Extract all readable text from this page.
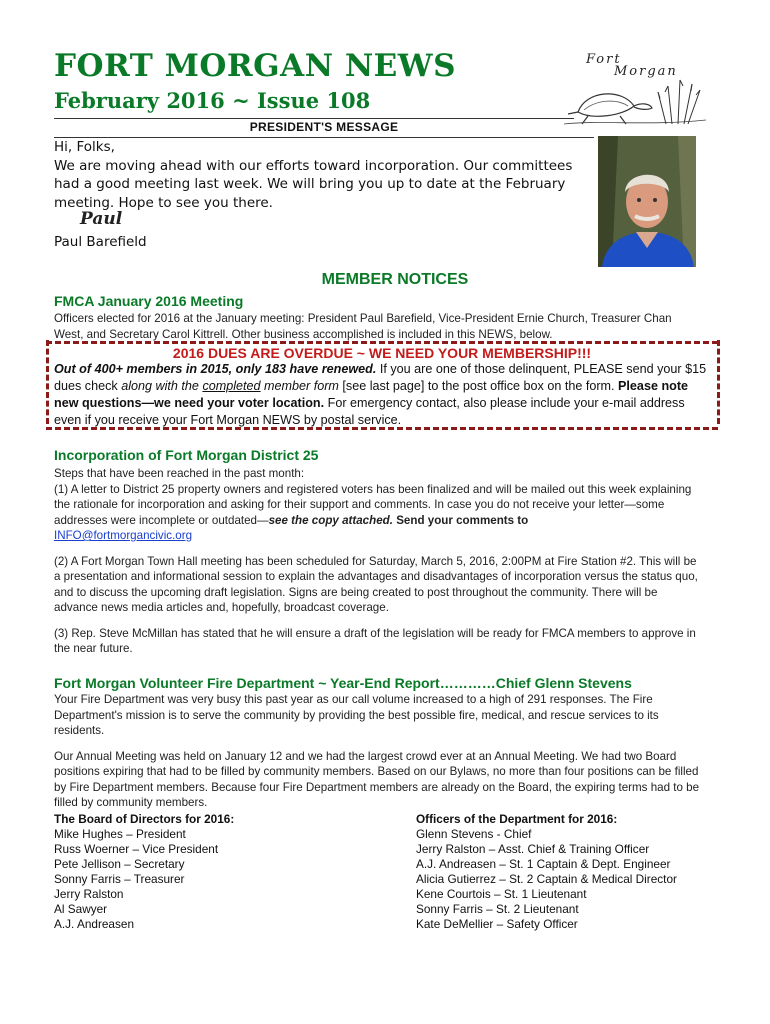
FORT MORGAN NEWS
February 2016 ~ Issue 108
Fort
Morgan
PRESIDENT'S MESSAGE
Hi, Folks,
We are moving ahead with our efforts toward incorporation. Our committees had a good meeting last week. We will bring you up to date at the February meeting. Hope to see you there.
Paul
Paul Barefield
MEMBER NOTICES
FMCA January 2016 Meeting
Officers elected for 2016 at the January meeting: President Paul Barefield, Vice-President Ernie Church, Treasurer Chan West, and Secretary Carol Kittrell. Other business accomplished is included in this NEWS, below.
2016 DUES ARE OVERDUE ~ WE NEED YOUR MEMBERSHIP!!!
Out of 400+ members in 2015, only 183 have renewed. If you are one of those delinquent, PLEASE send your $15 dues check along with the completed member form [see last page] to the post office box on the form. Please note new questions—we need your voter location. For emergency contact, also please include your e-mail address even if you receive your Fort Morgan NEWS by postal service.
Incorporation of Fort Morgan District 25
Steps that have been reached in the past month:
(1) A letter to District 25 property owners and registered voters has been finalized and will be mailed out this week explaining the rationale for incorporation and asking for their support and comments. In case you do not receive your letter—some addresses were incomplete or outdated—see the copy attached. Send your comments to
INFO@fortmorgancivic.org
(2) A Fort Morgan Town Hall meeting has been scheduled for Saturday, March 5, 2016, 2:00PM at Fire Station #2. This will be a presentation and informational session to explain the advantages and disadvantages of incorporation versus the status quo, and to discuss the upcoming draft legislation. Signs are being created to post throughout the community. There will be advance news media articles and, hopefully, broadcast coverage.
(3) Rep. Steve McMillan has stated that he will ensure a draft of the legislation will be ready for FMCA members to approve in the near future.
Fort Morgan Volunteer Fire Department ~ Year-End Report…………Chief Glenn Stevens
Your Fire Department was very busy this past year as our call volume increased to a high of 291 responses. The Fire Department's mission is to serve the community by providing the best possible fire, medical, and rescue services to its residents.
Our Annual Meeting was held on January 12 and we had the largest crowd ever at an Annual Meeting. We had two Board positions expiring that had to be filled by community members. Based on our Bylaws, no more than four positions can be filled by Fire Department members. Because four Fire Department members are already on the Board, the expiring terms had to be filled by community members.
The Board of Directors for 2016:
Mike Hughes – President
Russ Woerner – Vice President
Pete Jellison – Secretary
Sonny Farris – Treasurer
Jerry Ralston
Al Sawyer
A.J. Andreasen
Officers of the Department for 2016:
Glenn Stevens - Chief
Jerry Ralston – Asst. Chief & Training Officer
A.J. Andreasen – St. 1 Captain & Dept. Engineer
Alicia Gutierrez – St. 2 Captain & Medical Director
Kene Courtois – St. 1 Lieutenant
Sonny Farris – St. 2 Lieutenant
Kate DeMellier – Safety Officer
